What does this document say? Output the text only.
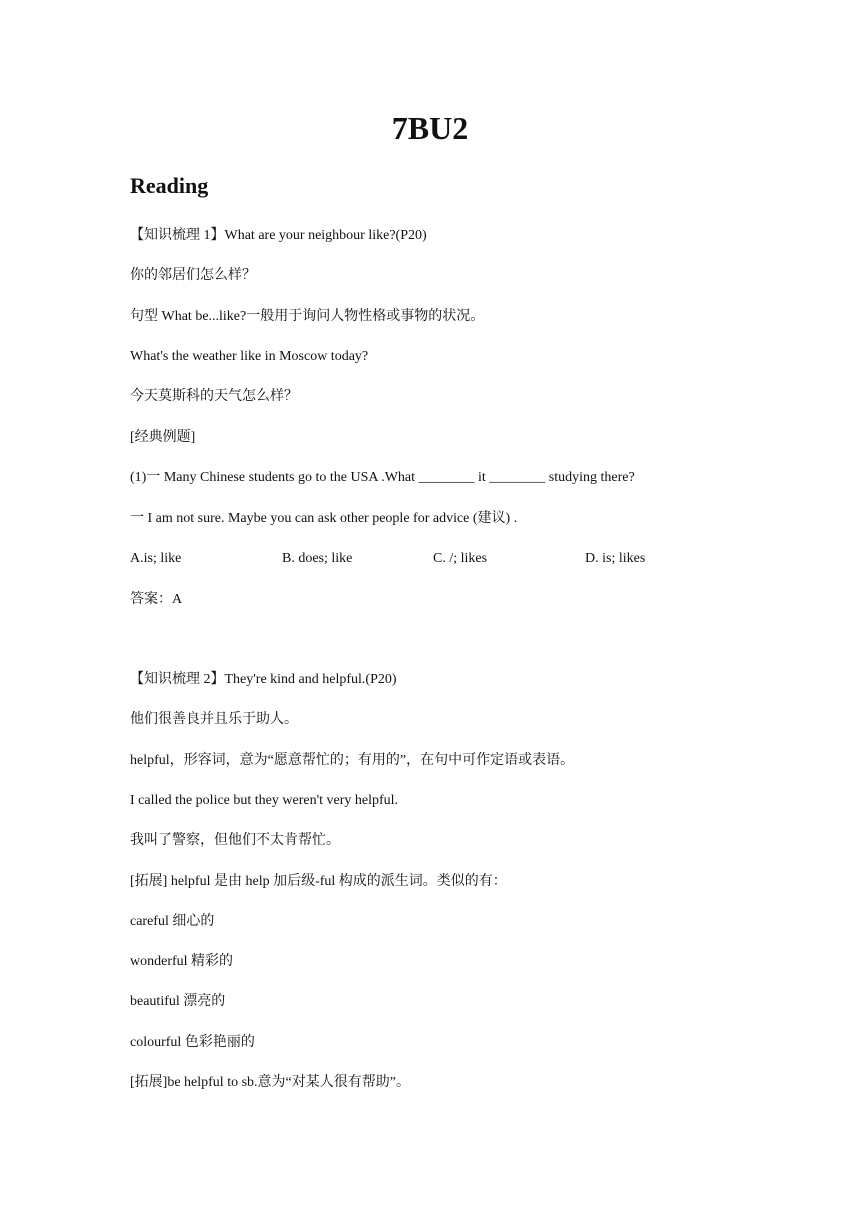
7BU2
Reading
【知识梳理 1】What are your neighbour like?(P20)
你的邻居们怎么样？
句型 What be...like?一般用于询问人物性格或事物的状况。
What's the weather like in Moscow today?
今天莫斯科的天气怎么样？
[经典例题]
(1)一 Many Chinese students go to the USA .What ________ it ________ studying there?
一 I am not sure. Maybe you can ask other people for advice (建议) .
A.is; like	B. does; like	C. /; likes	D. is; likes
答案：A
【知识梳理 2】They're kind and helpful.(P20)
他们很善良并且乐于助人。
helpful，形容词，意为“愿意帮忙的；有用的”，在句中可作定语或表语。
I called the police but they weren't very helpful.
我叫了警察，但他们不太肯帮忙。
[拓展] helpful 是由 help 加后级-ful 构成的派生词。类似的有：
careful 细心的
wonderful 精彩的
beautiful 漂亮的
colourful 色彩艳丽的
[拓展]be helpful to sb.意为“对某人很有帮助”。
